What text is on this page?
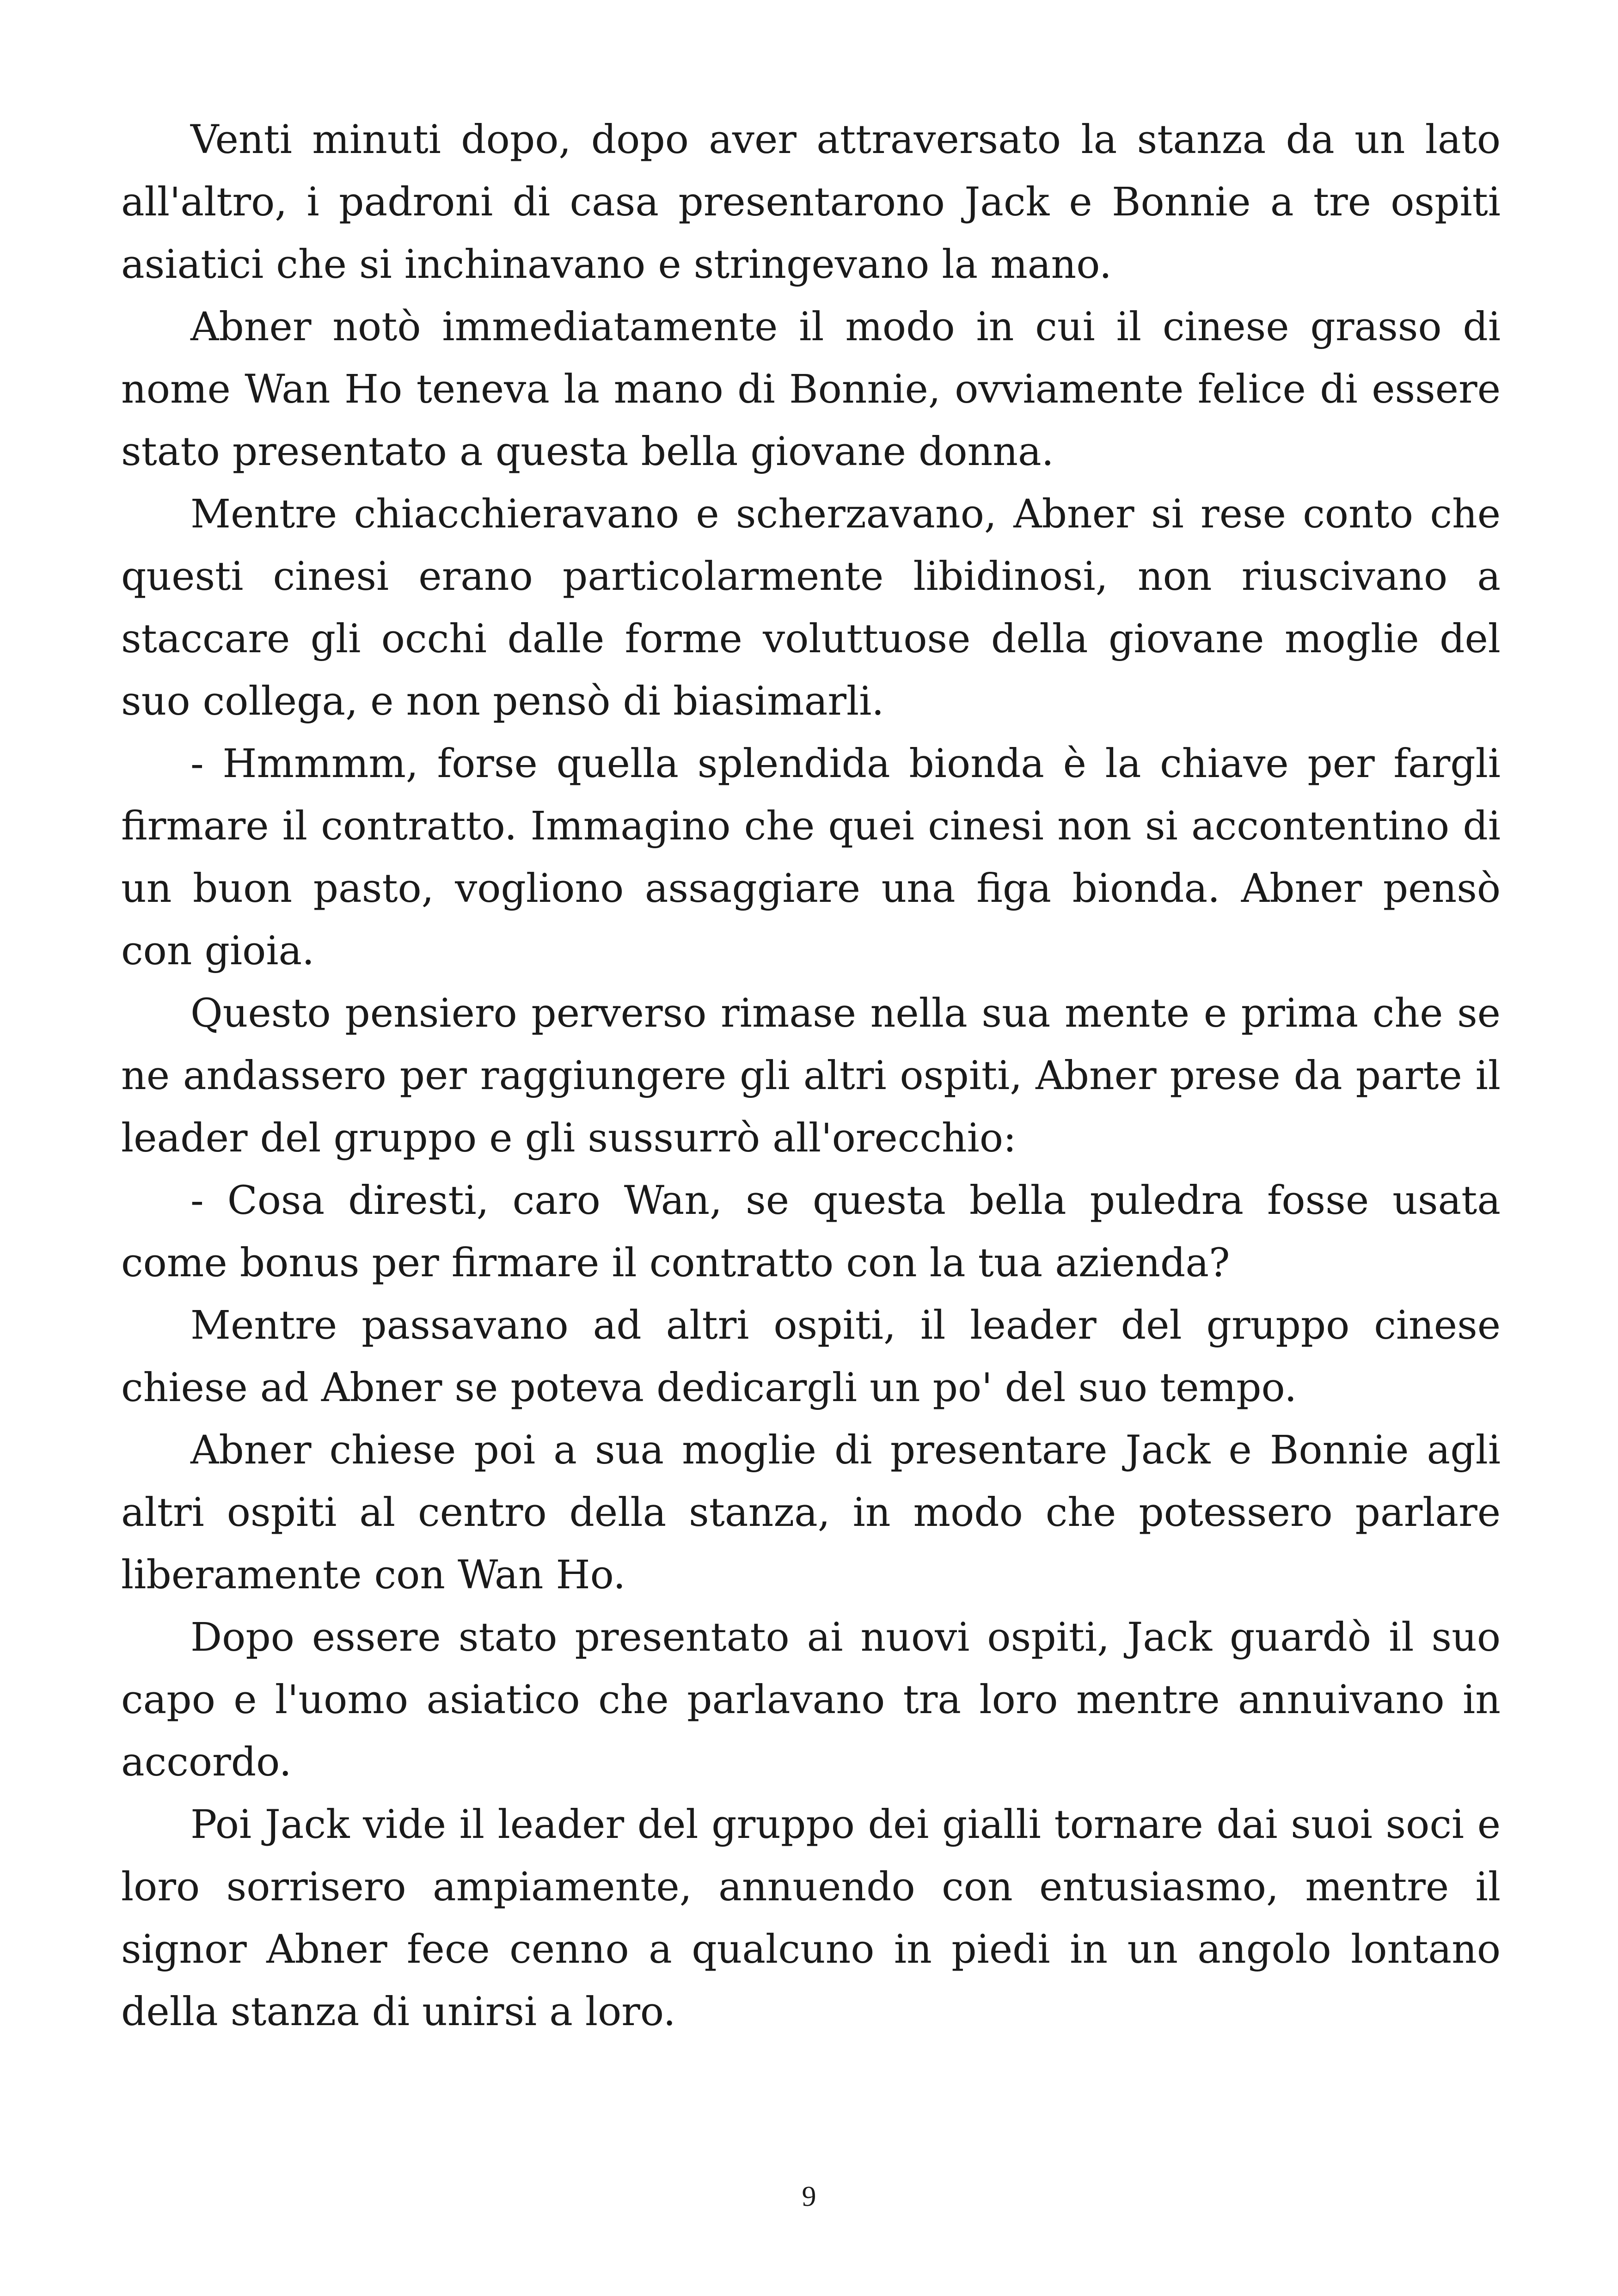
Venti minuti dopo, dopo aver attraversato la stanza da un lato all'altro, i padroni di casa presentarono Jack e Bonnie a tre ospiti asiatici che si inchinavano e stringevano la mano.

Abner notò immediatamente il modo in cui il cinese grasso di nome Wan Ho teneva la mano di Bonnie, ovviamente felice di essere stato presentato a questa bella giovane donna.

Mentre chiacchieravano e scherzavano, Abner si rese conto che questi cinesi erano particolarmente libidinosi, non riuscivano a staccare gli occhi dalle forme voluttuose della giovane moglie del suo collega, e non pensò di biasimarli.

- Hmmmm, forse quella splendida bionda è la chiave per fargli firmare il contratto. Immagino che quei cinesi non si accontentino di un buon pasto, vogliono assaggiare una figa bionda. Abner pensò con gioia.

Questo pensiero perverso rimase nella sua mente e prima che se ne andassero per raggiungere gli altri ospiti, Abner prese da parte il leader del gruppo e gli sussurrò all'orecchio:

- Cosa diresti, caro Wan, se questa bella puledra fosse usata come bonus per firmare il contratto con la tua azienda?

Mentre passavano ad altri ospiti, il leader del gruppo cinese chiese ad Abner se poteva dedicargli un po' del suo tempo.

Abner chiese poi a sua moglie di presentare Jack e Bonnie agli altri ospiti al centro della stanza, in modo che potessero parlare liberamente con Wan Ho.

Dopo essere stato presentato ai nuovi ospiti, Jack guardò il suo capo e l'uomo asiatico che parlavano tra loro mentre annuivano in accordo.

Poi Jack vide il leader del gruppo dei gialli tornare dai suoi soci e loro sorrisero ampiamente, annuendo con entusiasmo, mentre il signor Abner fece cenno a qualcuno in piedi in un angolo lontano della stanza di unirsi a loro.

9
